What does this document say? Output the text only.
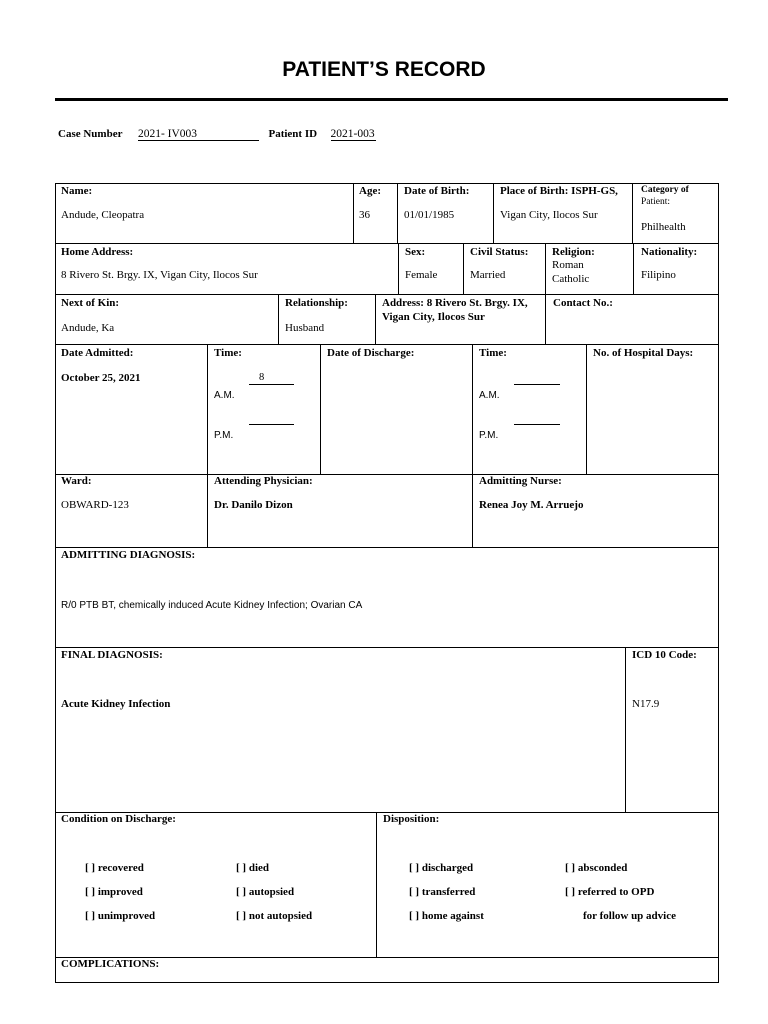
PATIENT’S RECORD
Case Number 2021- IV003	Patient ID 2021-003
Name:
Andude, Cleopatra
Age:
36
Date of Birth:
01/01/1985
Place of Birth: ISPH-GS,
Vigan City, Ilocos Sur
Category of
Patient:
Philhealth
Home Address:
8 Rivero St. Brgy. IX, Vigan City, Ilocos Sur
Sex:
Female
Civil Status:
Married
Religion:
Roman
Catholic
Nationality:
Filipino
Next of Kin:
Andude, Ka
Relationship:
Husband
Address: 8 Rivero St. Brgy. IX,
Vigan City, Ilocos Sur
Contact No.:
Date Admitted:
October 25, 2021
Time:
8
A.M.
P.M.
Date of Discharge:	Time:
A.M.
P.M.
No. of Hospital Days:
Ward:
OBWARD-123
Attending Physician:
Dr. Danilo Dizon
Admitting Nurse:
Renea Joy M. Arruejo
ADMITTING DIAGNOSIS:
R/0 PTB BT, chemically induced Acute Kidney Infection; Ovarian CA
FINAL DIAGNOSIS:
Acute Kidney Infection
ICD 10 Code:
N17.9
Condition on Discharge:	Disposition:
[ ] recovered
[ ] improved
[ ] unimproved
[ ] died
[ ] autopsied
[ ] not autopsied
[ ] discharged
[ ] transferred
[ ] home against
[ ] absconded
[ ] referred to OPD
for follow up advice
COMPLICATIONS:
